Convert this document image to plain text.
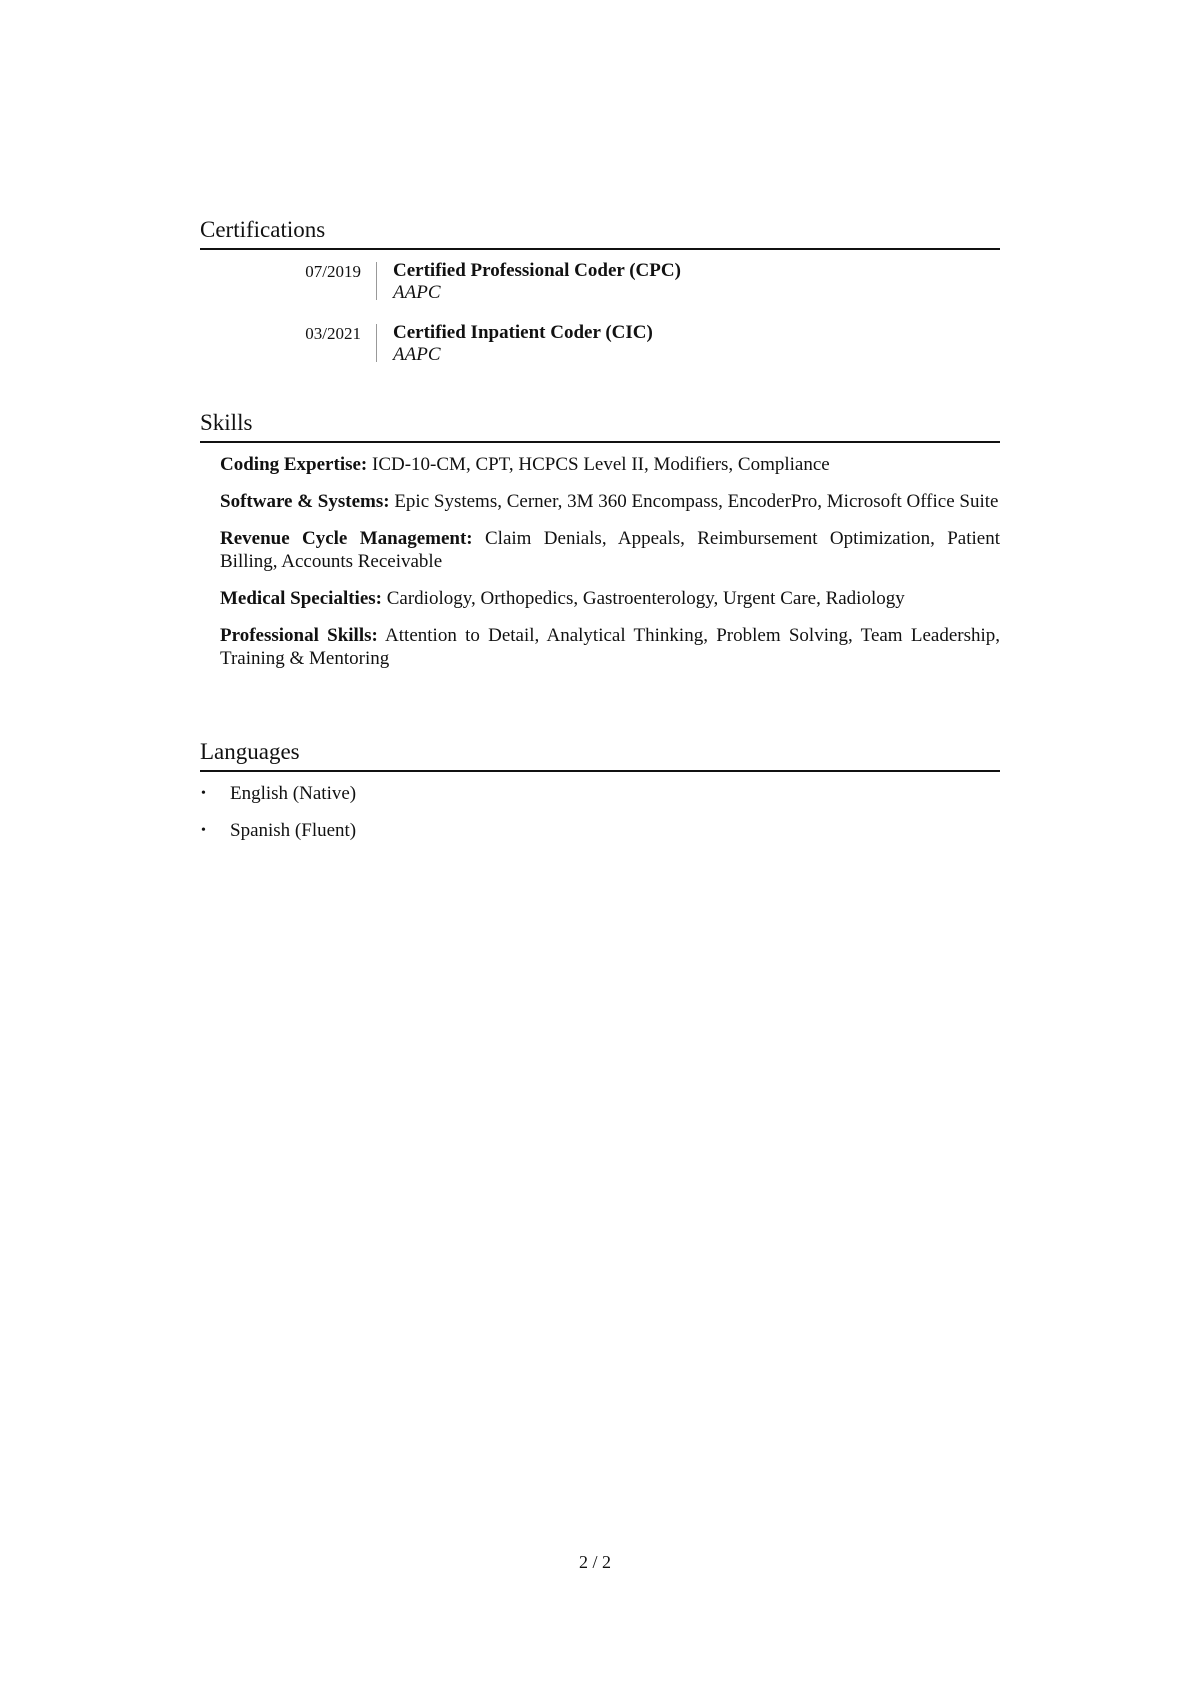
Certifications
07/2019	Certified Professional Coder (CPC)
AAPC
03/2021	Certified Inpatient Coder (CIC)
AAPC
Skills
Coding Expertise: ICD-10-CM, CPT, HCPCS Level II, Modifiers, Compliance
Software & Systems: Epic Systems, Cerner, 3M 360 Encompass, EncoderPro, Microsoft Office Suite
Revenue Cycle Management: Claim Denials, Appeals, Reimbursement Optimization, Patient Billing, Accounts Receivable
Medical Specialties: Cardiology, Orthopedics, Gastroenterology, Urgent Care, Radiology
Professional Skills: Attention to Detail, Analytical Thinking, Problem Solving, Team Leadership, Training & Mentoring
Languages
• English (Native)
• Spanish (Fluent)
2 / 2
